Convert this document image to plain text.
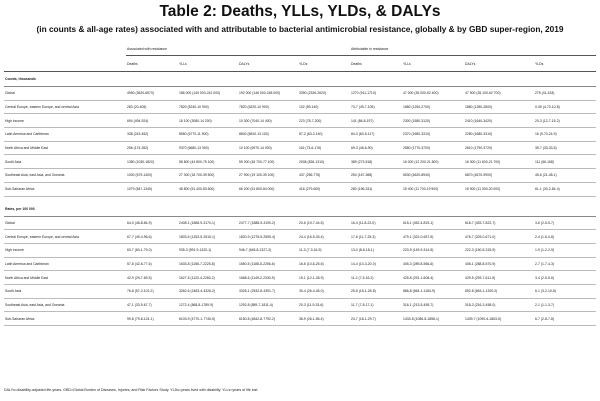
Table 2: Deaths, YLLs, YLDs, & DALYs
(in counts & all-age rates) associated with and attributable to bacterial antimicrobial resistance, globally & by GBD super-region, 2019
	Associated with resistance				Attributable to resistance			
	Deaths	YLLs	DALYs	YLDs	Deaths	YLLs	DALYs	YLDs
Counts, thousands								
Global	4950 (3620-6570)	186 000 (140 000-241 000)	192 000 (146 000-248 000)	3390 (2326-2620)	1270 (911-1710)	47 000 (35 000-62 400)	47 900 (35 100-62 700)	275 (41-433)
Central Europe, eastern Europe, and central Asia	283 (20-405)	7820 (5240-10 900)	7820 (5220-10 900)	102 (59-140)	73-7 (49-7-105)	1880 (1250-2700)	1880 (1280-2800)	0-05 (4-70-10-8)
High income	694 (494-924)	18 100 (3080-14 200)	10 300 (7040-14 400)	223 (78-7-200)	141 (86-8-197)	2300 (1580-3120)	2410 (1640-3420)	20-3 (12-7-15-2)
Latin America and Caribbean	338 (243-452)	8550 (6770-11 900)	8840 (6810-13 100)	87-2 (63-2-140)	84-3 (60-5-117)	2370 (1680-3310)	2280 (1680-3310)	16 (9-70-24-9)
North Africa and Middle East	256 (174-352)	9370 (6680-13 900)	10 100 (6970-14 000)	116 (73-6-176)	69-3 (45-6-90)	2580 (1770-3700)	2610 (1790-3720)	39-7 (33-33-5)
South Asia	1380 (1030-1820)	58 800 (44 800-75 100)	59 000 (45 700-77 100)	2008 (826-1310)	389 (273-518)	16 000 (12 200-21 800)	16 300 (11 600-21 700)	111 (66-168)
Southeast Asia, east Asia, and Oceania	1000 (679-1400)	27 300 (18 700-39 500)	27 900 (19 100-39 100)	437 (256-776)	254 (167-368)	6530 (4620-8940)	6870 (4670-9900)	45-6 (21-48-1)
Sub-Saharan Africa	1079 (847-1345)	48 800 (51 400-83 600)	66 200 (51 800-84 000)	416 (279-600)	280 (196-331)	15 400 (11 700-19 900)	15 900 (11 300-20 000)	61-1 (30-2-84-4)

Rates, per 100 000								
Global	64-0 (46-8-84-9)	2408-1 (1868-9-3170-1)	2477-7 (1888-9-3190-2)	20-6 (19-7-44-5)	16-4 (11-8-22-0)	615-1 (452-4-819-1)	618-7 (453-7-822-7)	3-6 (2-5-5-7)
Central Europe, eastern Europe, and central Asia	67-7 (49-4-96-6)	1803-5 (1253-9-2515-1)	1820-9 (1278-5-2595-4)	24-4 (16-5-33-4)	17-6 (11-7-25-3)	479-1 (322-0-657-5)	476-7 (325-0-671-0)	2-4 (1-6-4-8)
High income	63-7 (60-1-79-0)	935-3 (591-9-1320-1)	946-7 (645-8-1327-2)	11-3 (7-3-16-9)	13-0 (8-6-18-1)	220-9 (149-9-314-5)	222-3 (150-5-315-9)	1-9 (1-2-2-9)
Latin America and Caribbean	57-8 (42-6-77-6)	1633-8 (1158-7-2225-8)	1650-5 (1188-8-2256-6)	16-6 (10-6-25-6)	14-4 (10-3-20-0)	405-3 (289-8-566-6)	408-1 (288-8-570-9)	2-7 (1-7-4-3)
North Africa and Middle East	42-9 (29-7-69-5)	1627-5 (1120-4-2280-2)	1668-6 (1145-2-2330-9)	19-1 (12-1-28-9)	11-2 (7-5-16-2)	425-8 (291-1-608-4)	429-5 (293-7-611-5)	3-4 (2-5-5-6)
South Asia	76-8 (57-2-101-2)	3262-6 (2483-4-4326-2)	3328-1 (2532-8-4391-7)	30-4 (26-4-46-0)	25-5 (15-1-28-8)	886-8 (664-1-1184-9)	892-8 (663-1-1200-2)	6-1 (3-2-10-8)
Southeast Asia, east Asia, and Oceania	47-1 (33-9-67-7)	1272-4 (868-8-1789-9)	1292-8 (889-7-1811-4)	20-3 (11-9-33-6)	11-7 (7-8-17-1)	316-1 (213-5-455-7)	318-3 (216-3-458-0)	2-1 (1-1-3-7)
Sub-Saharan Africa	99-8 (79-6-124-1)	6103-9 (4770-1-7745-5)	6150-8 (4842-8-7792-2)	38-9 (26-1-56-4)	23-7 (18-1-29-7)	1433-8 (1086-8-1858-1)	1439-7 (1090-6-1863-5)	6-7 (2-8-7-8)
DALYs=disability-adjusted life-years. GBD=Global Burden of Diseases, Injuries, and Risk Factors Study. YLDs=years lived with disability. YLLs=years of life lost.
